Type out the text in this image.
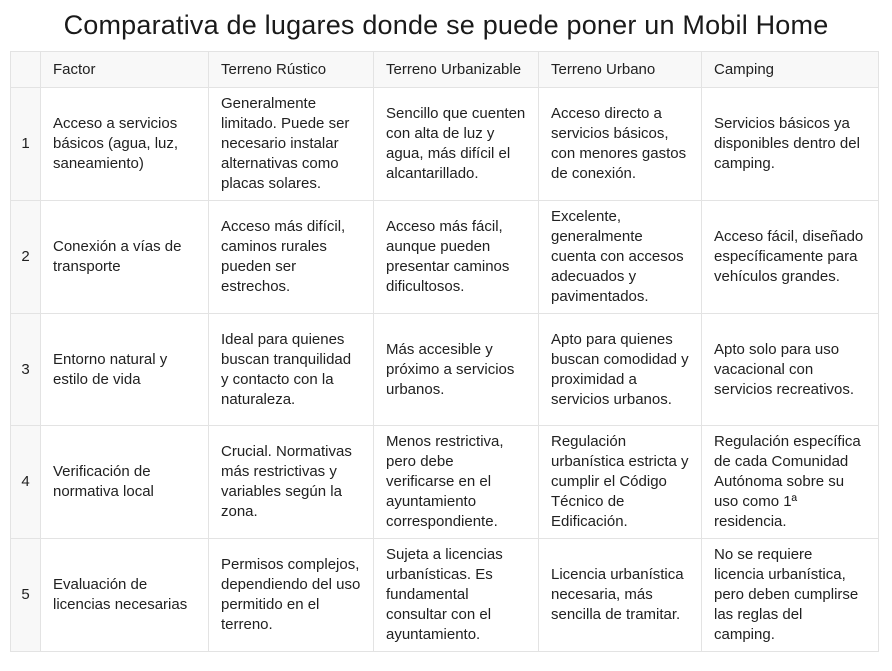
Comparativa de lugares donde se puede poner un Mobil Home
	Factor	Terreno Rústico	Terreno Urbanizable	Terreno Urbano	Camping
1	Acceso a servicios básicos (agua, luz, saneamiento)	Generalmente limitado. Puede ser necesario instalar alternativas como placas solares.	Sencillo que cuenten con alta de luz y agua, más difícil el alcantarillado.	Acceso directo a servicios básicos, con menores gastos de conexión.	Servicios básicos ya disponibles dentro del camping.
2	Conexión a vías de transporte	Acceso más difícil, caminos rurales pueden ser estrechos.	Acceso más fácil, aunque pueden presentar caminos dificultosos.	Excelente, generalmente cuenta con accesos adecuados y pavimentados.	Acceso fácil, diseñado específicamente para vehículos grandes.
3	Entorno natural y estilo de vida	Ideal para quienes buscan tranquilidad y contacto con la naturaleza.	Más accesible y próximo a servicios urbanos.	Apto para quienes buscan comodidad y proximidad a servicios urbanos.	Apto solo para uso vacacional con servicios recreativos.
4	Verificación de normativa local	Crucial. Normativas más restrictivas y variables según la zona.	Menos restrictiva, pero debe verificarse en el ayuntamiento correspondiente.	Regulación urbanística estricta y cumplir el Código Técnico de Edificación.	Regulación específica de cada Comunidad Autónoma sobre su uso como 1ª residencia.
5	Evaluación de licencias necesarias	Permisos complejos, dependiendo del uso permitido en el terreno.	Sujeta a licencias urbanísticas. Es fundamental consultar con el ayuntamiento.	Licencia urbanística necesaria, más sencilla de tramitar.	No se requiere licencia urbanística, pero deben cumplirse las reglas del camping.
